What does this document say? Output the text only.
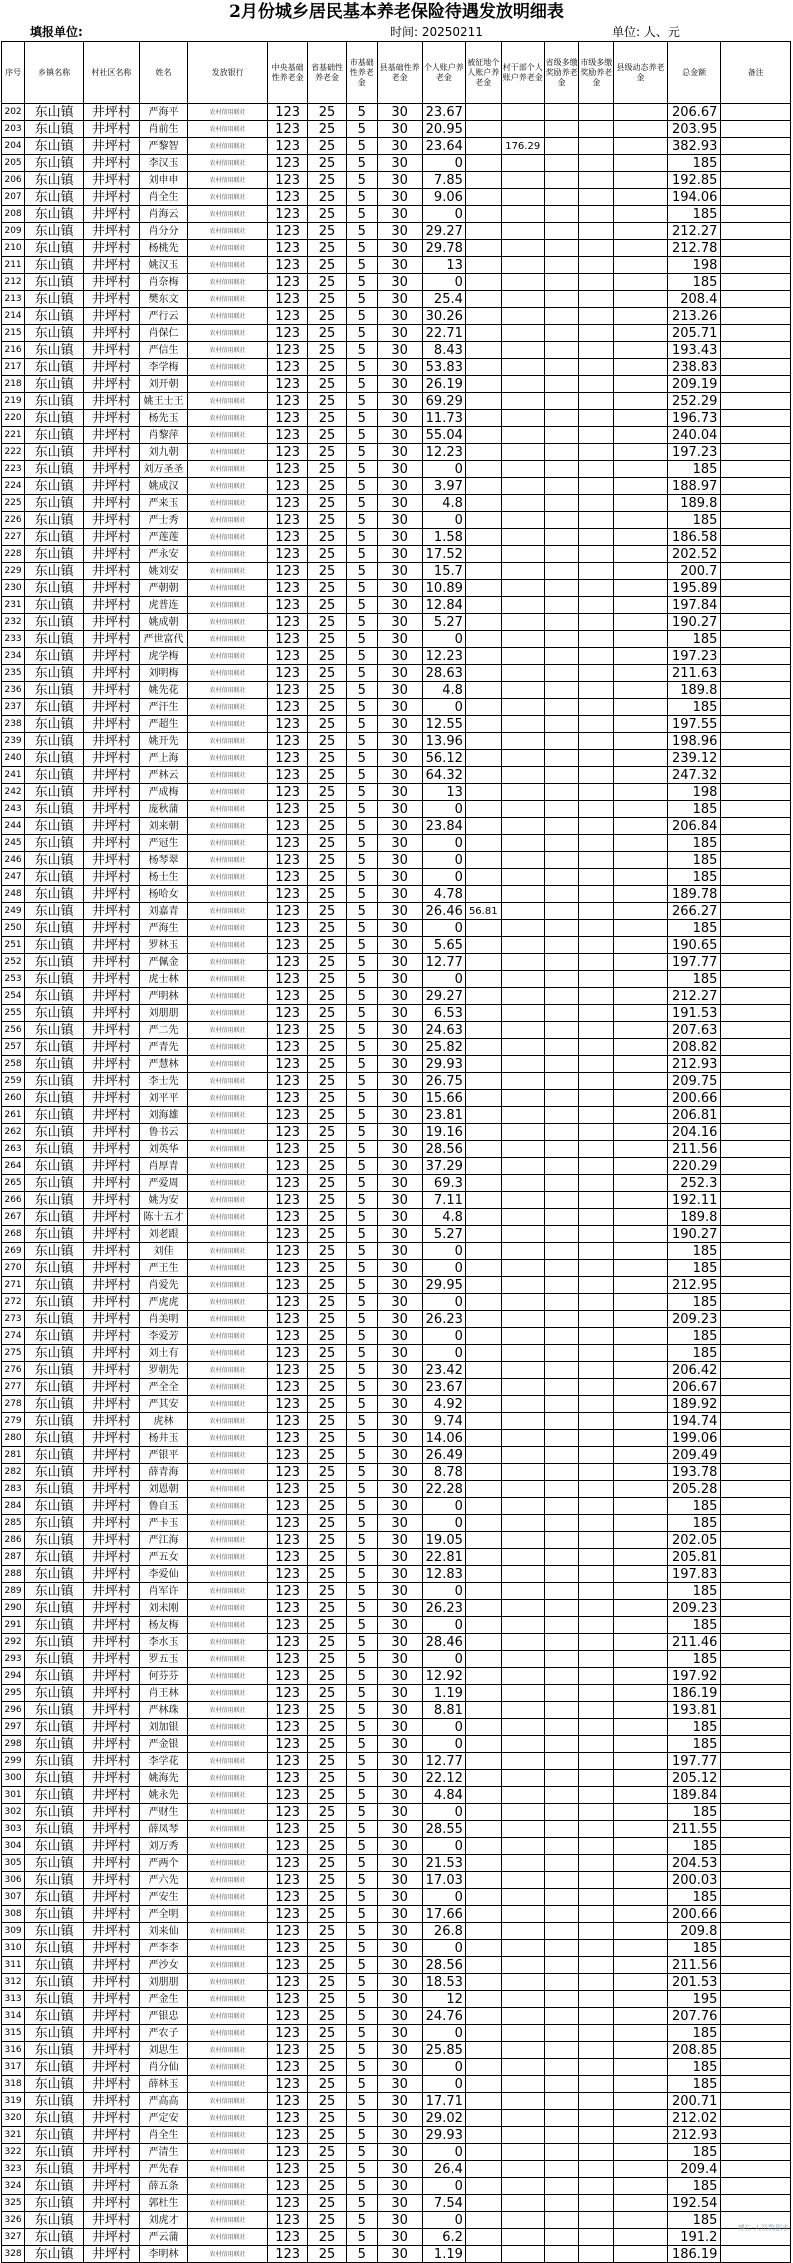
2月份城乡居民基本养老保险待遇发放明细表
填报单位:	时间: 20250211	单位: 人、元
序号	乡镇名称	村社区名称	姓名	发放银行	中央基础性养老金	省基础性养老金	市基础性养老金	县基础性养老金	个人账户养老金	被征地个人账户养老金	村干部个人账户养老金	省级多缴奖励养老金	市级多缴奖励养老金	县级动态养老金	总金额	备注
202	东山镇	井坪村	严海平	农村信用联社	123	25	5	30	23.67						206.67	
203	东山镇	井坪村	肖前生	农村信用联社	123	25	5	30	20.95						203.95	
204	东山镇	井坪村	严黎智	农村信用联社	123	25	5	30	23.64		176.29				382.93	
205	东山镇	井坪村	李汉玉	农村信用联社	123	25	5	30	0						185	
206	东山镇	井坪村	刘申申	农村信用联社	123	25	5	30	7.85						192.85	
207	东山镇	井坪村	肖全生	农村信用联社	123	25	5	30	9.06						194.06	
208	东山镇	井坪村	肖海云	农村信用联社	123	25	5	30	0						185	
209	东山镇	井坪村	肖分分	农村信用联社	123	25	5	30	29.27						212.27	
210	东山镇	井坪村	杨桃先	农村信用联社	123	25	5	30	29.78						212.78	
211	东山镇	井坪村	姚汉玉	农村信用联社	123	25	5	30	13						198	
212	东山镇	井坪村	肖奈梅	农村信用联社	123	25	5	30	0						185	
213	东山镇	井坪村	樊东文	农村信用联社	123	25	5	30	25.4						208.4	
214	东山镇	井坪村	严行云	农村信用联社	123	25	5	30	30.26						213.26	
215	东山镇	井坪村	肖保仁	农村信用联社	123	25	5	30	22.71						205.71	
216	东山镇	井坪村	严信生	农村信用联社	123	25	5	30	8.43						193.43	
217	东山镇	井坪村	李学梅	农村信用联社	123	25	5	30	53.83						238.83	
218	东山镇	井坪村	刘开朝	农村信用联社	123	25	5	30	26.19						209.19	
219	东山镇	井坪村	姚王士王	农村信用联社	123	25	5	30	69.29						252.29	
220	东山镇	井坪村	杨先玉	农村信用联社	123	25	5	30	11.73						196.73	
221	东山镇	井坪村	肖黎萍	农村信用联社	123	25	5	30	55.04						240.04	
222	东山镇	井坪村	刘九朝	农村信用联社	123	25	5	30	12.23						197.23	
223	东山镇	井坪村	刘万圣圣	农村信用联社	123	25	5	30	0						185	
224	东山镇	井坪村	姚成汉	农村信用联社	123	25	5	30	3.97						188.97	
225	东山镇	井坪村	严来玉	农村信用联社	123	25	5	30	4.8						189.8	
226	东山镇	井坪村	严士秀	农村信用联社	123	25	5	30	0						185	
227	东山镇	井坪村	严莲莲	农村信用联社	123	25	5	30	1.58						186.58	
228	东山镇	井坪村	严永安	农村信用联社	123	25	5	30	17.52						202.52	
229	东山镇	井坪村	姚刘安	农村信用联社	123	25	5	30	15.7						200.7	
230	东山镇	井坪村	严朝朝	农村信用联社	123	25	5	30	10.89						195.89	
231	东山镇	井坪村	虎普连	农村信用联社	123	25	5	30	12.84						197.84	
232	东山镇	井坪村	姚成朝	农村信用联社	123	25	5	30	5.27						190.27	
233	东山镇	井坪村	严世富代	农村信用联社	123	25	5	30	0						185	
234	东山镇	井坪村	虎学梅	农村信用联社	123	25	5	30	12.23						197.23	
235	东山镇	井坪村	刘明梅	农村信用联社	123	25	5	30	28.63						211.63	
236	东山镇	井坪村	姚先花	农村信用联社	123	25	5	30	4.8						189.8	
237	东山镇	井坪村	严汗生	农村信用联社	123	25	5	30	0						185	
238	东山镇	井坪村	严超生	农村信用联社	123	25	5	30	12.55						197.55	
239	东山镇	井坪村	姚开先	农村信用联社	123	25	5	30	13.96						198.96	
240	东山镇	井坪村	严上海	农村信用联社	123	25	5	30	56.12						239.12	
241	东山镇	井坪村	严林云	农村信用联社	123	25	5	30	64.32						247.32	
242	东山镇	井坪村	严成梅	农村信用联社	123	25	5	30	13						198	
243	东山镇	井坪村	庞秋蒲	农村信用联社	123	25	5	30	0						185	
244	东山镇	井坪村	刘来朝	农村信用联社	123	25	5	30	23.84						206.84	
245	东山镇	井坪村	严冠生	农村信用联社	123	25	5	30	0						185	
246	东山镇	井坪村	杨琴翠	农村信用联社	123	25	5	30	0						185	
247	东山镇	井坪村	杨士生	农村信用联社	123	25	5	30	0						185	
248	东山镇	井坪村	杨哈女	农村信用联社	123	25	5	30	4.78						189.78	
249	东山镇	井坪村	刘嘉青	农村信用联社	123	25	5	30	26.46	56.81					266.27	
250	东山镇	井坪村	严海生	农村信用联社	123	25	5	30	0						185	
251	东山镇	井坪村	罗林玉	农村信用联社	123	25	5	30	5.65						190.65	
252	东山镇	井坪村	严佩金	农村信用联社	123	25	5	30	12.77						197.77	
253	东山镇	井坪村	虎士林	农村信用联社	123	25	5	30	0						185	
254	东山镇	井坪村	严明林	农村信用联社	123	25	5	30	29.27						212.27	
255	东山镇	井坪村	刘朋朋	农村信用联社	123	25	5	30	6.53						191.53	
256	东山镇	井坪村	严二先	农村信用联社	123	25	5	30	24.63						207.63	
257	东山镇	井坪村	严青先	农村信用联社	123	25	5	30	25.82						208.82	
258	东山镇	井坪村	严慧林	农村信用联社	123	25	5	30	29.93						212.93	
259	东山镇	井坪村	李士先	农村信用联社	123	25	5	30	26.75						209.75	
260	东山镇	井坪村	刘平平	农村信用联社	123	25	5	30	15.66						200.66	
261	东山镇	井坪村	刘海雄	农村信用联社	123	25	5	30	23.81						206.81	
262	东山镇	井坪村	鲁书云	农村信用联社	123	25	5	30	19.16						204.16	
263	东山镇	井坪村	刘英华	农村信用联社	123	25	5	30	28.56						211.56	
264	东山镇	井坪村	肖厚青	农村信用联社	123	25	5	30	37.29						220.29	
265	东山镇	井坪村	严爱周	农村信用联社	123	25	5	30	69.3						252.3	
266	东山镇	井坪村	姚为安	农村信用联社	123	25	5	30	7.11						192.11	
267	东山镇	井坪村	陈十五才	农村信用联社	123	25	5	30	4.8						189.8	
268	东山镇	井坪村	刘老跟	农村信用联社	123	25	5	30	5.27						190.27	
269	东山镇	井坪村	刘佳	农村信用联社	123	25	5	30	0						185	
270	东山镇	井坪村	严王生	农村信用联社	123	25	5	30	0						185	
271	东山镇	井坪村	肖爱先	农村信用联社	123	25	5	30	29.95						212.95	
272	东山镇	井坪村	严虎虎	农村信用联社	123	25	5	30	0						185	
273	东山镇	井坪村	肖美明	农村信用联社	123	25	5	30	26.23						209.23	
274	东山镇	井坪村	李爱芳	农村信用联社	123	25	5	30	0						185	
275	东山镇	井坪村	刘土有	农村信用联社	123	25	5	30	0						185	
276	东山镇	井坪村	罗朝先	农村信用联社	123	25	5	30	23.42						206.42	
277	东山镇	井坪村	严全全	农村信用联社	123	25	5	30	23.67						206.67	
278	东山镇	井坪村	严其安	农村信用联社	123	25	5	30	4.92						189.92	
279	东山镇	井坪村	虎林	农村信用联社	123	25	5	30	9.74						194.74	
280	东山镇	井坪村	杨井玉	农村信用联社	123	25	5	30	14.06						199.06	
281	东山镇	井坪村	严银平	农村信用联社	123	25	5	30	26.49						209.49	
282	东山镇	井坪村	薛青海	农村信用联社	123	25	5	30	8.78						193.78	
283	东山镇	井坪村	刘恩朝	农村信用联社	123	25	5	30	22.28						205.28	
284	东山镇	井坪村	鲁自玉	农村信用联社	123	25	5	30	0						185	
285	东山镇	井坪村	严卡玉	农村信用联社	123	25	5	30	0						185	
286	东山镇	井坪村	严江海	农村信用联社	123	25	5	30	19.05						202.05	
287	东山镇	井坪村	严五女	农村信用联社	123	25	5	30	22.81						205.81	
288	东山镇	井坪村	李爱仙	农村信用联社	123	25	5	30	12.83						197.83	
289	东山镇	井坪村	肖军许	农村信用联社	123	25	5	30	0						185	
290	东山镇	井坪村	刘未刚	农村信用联社	123	25	5	30	26.23						209.23	
291	东山镇	井坪村	杨友梅	农村信用联社	123	25	5	30	0						185	
292	东山镇	井坪村	李水玉	农村信用联社	123	25	5	30	28.46						211.46	
293	东山镇	井坪村	罗五玉	农村信用联社	123	25	5	30	0						185	
294	东山镇	井坪村	何芬芬	农村信用联社	123	25	5	30	12.92						197.92	
295	东山镇	井坪村	肖王林	农村信用联社	123	25	5	30	1.19						186.19	
296	东山镇	井坪村	严林珠	农村信用联社	123	25	5	30	8.81						193.81	
297	东山镇	井坪村	刘加银	农村信用联社	123	25	5	30	0						185	
298	东山镇	井坪村	严金银	农村信用联社	123	25	5	30	0						185	
299	东山镇	井坪村	李学花	农村信用联社	123	25	5	30	12.77						197.77	
300	东山镇	井坪村	姚海先	农村信用联社	123	25	5	30	22.12						205.12	
301	东山镇	井坪村	姚永先	农村信用联社	123	25	5	30	4.84						189.84	
302	东山镇	井坪村	严财生	农村信用联社	123	25	5	30	0						185	
303	东山镇	井坪村	薛凤琴	农村信用联社	123	25	5	30	28.55						211.55	
304	东山镇	井坪村	刘万秀	农村信用联社	123	25	5	30	0						185	
305	东山镇	井坪村	严两个	农村信用联社	123	25	5	30	21.53						204.53	
306	东山镇	井坪村	严六先	农村信用联社	123	25	5	30	17.03						200.03	
307	东山镇	井坪村	严安生	农村信用联社	123	25	5	30	0						185	
308	东山镇	井坪村	严全明	农村信用联社	123	25	5	30	17.66						200.66	
309	东山镇	井坪村	刘来仙	农村信用联社	123	25	5	30	26.8						209.8	
310	东山镇	井坪村	严李李	农村信用联社	123	25	5	30	0						185	
311	东山镇	井坪村	严沙女	农村信用联社	123	25	5	30	28.56						211.56	
312	东山镇	井坪村	刘朋朋	农村信用联社	123	25	5	30	18.53						201.53	
313	东山镇	井坪村	严金生	农村信用联社	123	25	5	30	12						195	
314	东山镇	井坪村	严银忠	农村信用联社	123	25	5	30	24.76						207.76	
315	东山镇	井坪村	严农子	农村信用联社	123	25	5	30	0						185	
316	东山镇	井坪村	刘思生	农村信用联社	123	25	5	30	25.85						208.85	
317	东山镇	井坪村	肖分仙	农村信用联社	123	25	5	30	0						185	
318	东山镇	井坪村	薛林玉	农村信用联社	123	25	5	30	0						185	
319	东山镇	井坪村	严高高	农村信用联社	123	25	5	30	17.71						200.71	
320	东山镇	井坪村	严定安	农村信用联社	123	25	5	30	29.02						212.02	
321	东山镇	井坪村	肖全生	农村信用联社	123	25	5	30	29.93						212.93	
322	东山镇	井坪村	严清生	农村信用联社	123	25	5	30	0						185	
323	东山镇	井坪村	严先春	农村信用联社	123	25	5	30	26.4						209.4	
324	东山镇	井坪村	薛五条	农村信用联社	123	25	5	30	0						185	
325	东山镇	井坪村	郭杜生	农村信用联社	123	25	5	30	7.54						192.54	
326	东山镇	井坪村	刘虎才	农村信用联社	123	25	5	30	0						185	
327	东山镇	井坪村	严云蒲	农村信用联社	123	25	5	30	6.2						191.2	
328	东山镇	井坪村	李明林	农村信用联社	123	25	5	30	1.19						186.19	
博仁·人员数据表
